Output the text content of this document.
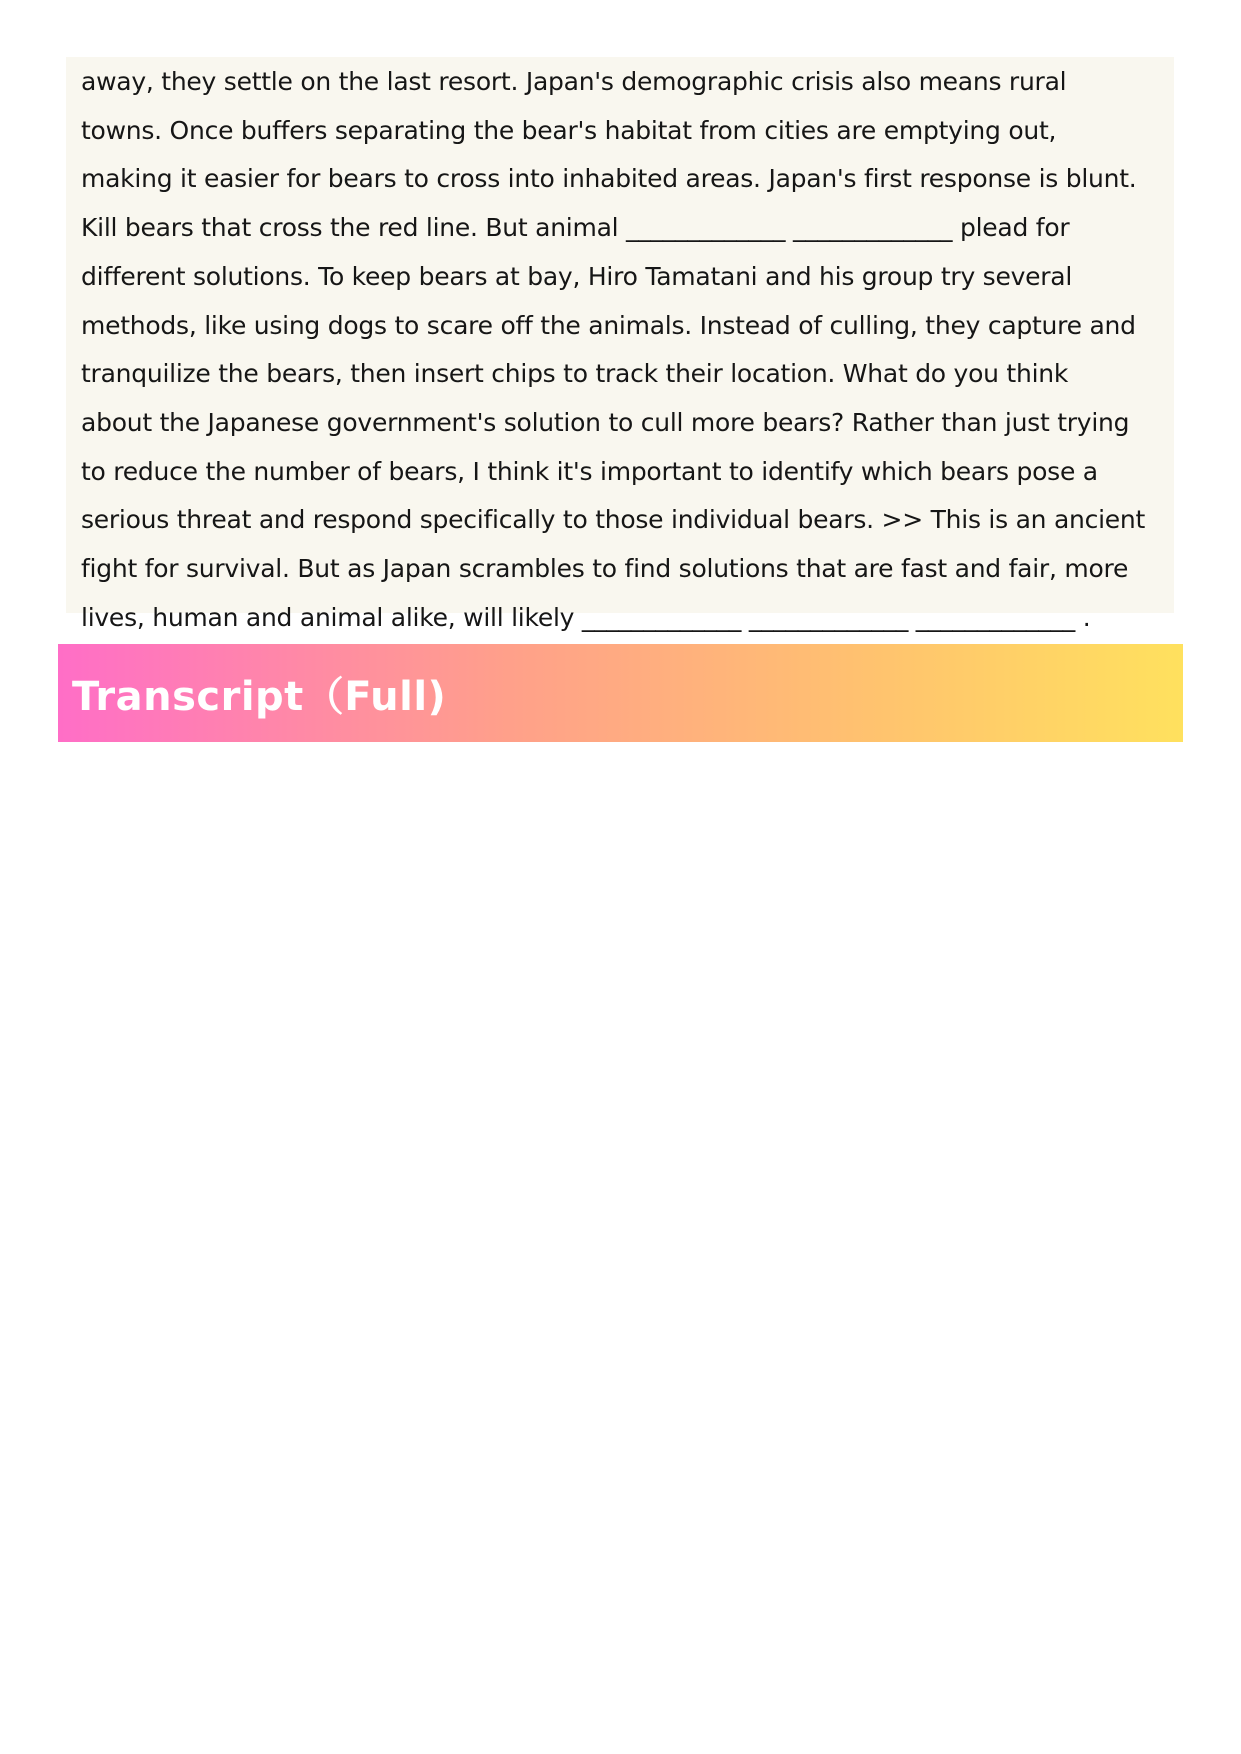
away, they settle on the last resort. Japan's demographic crisis also means rural
towns. Once buffers separating the bear's habitat from cities are emptying out,
making it easier for bears to cross into inhabited areas. Japan's first response is blunt.
Kill bears that cross the red line. But animal _____________ _____________ plead for
different solutions. To keep bears at bay, Hiro Tamatani and his group try several
methods, like using dogs to scare off the animals. Instead of culling, they capture and
tranquilize the bears, then insert chips to track their location. What do you think
about the Japanese government's solution to cull more bears? Rather than just trying
to reduce the number of bears, I think it's important to identify which bears pose a
serious threat and respond specifically to those individual bears. >> This is an ancient
fight for survival. But as Japan scrambles to find solutions that are fast and fair, more
lives, human and animal alike, will likely _____________ _____________ _____________ .
Transcript（Full)
